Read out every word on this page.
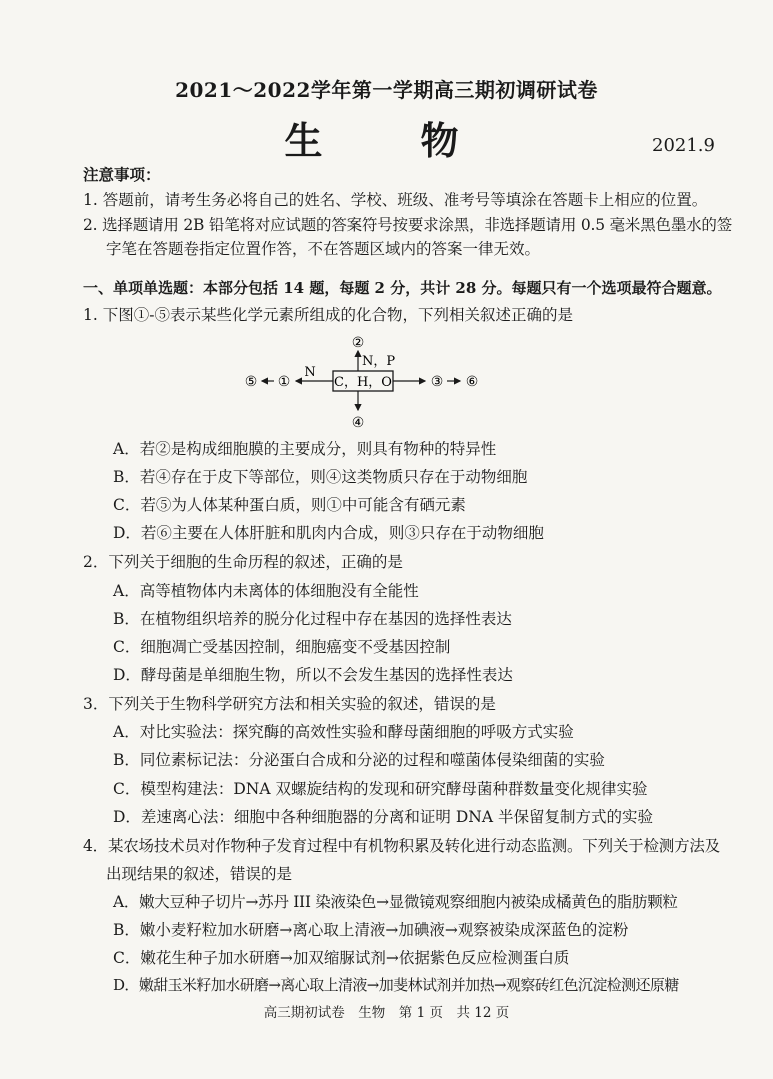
2021～2022学年第一学期高三期初调研试卷
生　物	2021.9
注意事项：
1. 答题前，请考生务必将自己的姓名、学校、班级、准考号等填涂在答题卡上相应的位置。
2. 选择题请用 2B 铅笔将对应试题的答案符号按要求涂黑，非选择题请用 0.5 毫米黑色墨水的签
字笔在答题卷指定位置作答，不在答题区域内的答案一律无效。
一、单项单选题：本部分包括 14 题，每题 2 分，共计 28 分。每题只有一个选项最符合题意。
1. 下图①-⑤表示某些化学元素所组成的化合物，下列相关叙述正确的是
C，H，O
②
N，P
④
N
①
⑤	③ ⑥
A．若②是构成细胞膜的主要成分，则具有物种的特异性
B．若④存在于皮下等部位，则④这类物质只存在于动物细胞
C．若⑤为人体某种蛋白质，则①中可能含有硒元素
D．若⑥主要在人体肝脏和肌肉内合成，则③只存在于动物细胞
2．下列关于细胞的生命历程的叙述，正确的是
A．高等植物体内未离体的体细胞没有全能性
B．在植物组织培养的脱分化过程中存在基因的选择性表达
C．细胞凋亡受基因控制，细胞癌变不受基因控制
D．酵母菌是单细胞生物，所以不会发生基因的选择性表达
3．下列关于生物科学研究方法和相关实验的叙述，错误的是
A．对比实验法：探究酶的高效性实验和酵母菌细胞的呼吸方式实验
B．同位素标记法：分泌蛋白合成和分泌的过程和噬菌体侵染细菌的实验
C．模型构建法：DNA 双螺旋结构的发现和研究酵母菌种群数量变化规律实验
D．差速离心法：细胞中各种细胞器的分离和证明 DNA 半保留复制方式的实验
4．某农场技术员对作物种子发育过程中有机物积累及转化进行动态监测。下列关于检测方法及
出现结果的叙述，错误的是
A．嫩大豆种子切片→苏丹 III 染液染色→显微镜观察细胞内被染成橘黄色的脂肪颗粒
B．嫩小麦籽粒加水研磨→离心取上清液→加碘液→观察被染成深蓝色的淀粉
C．嫩花生种子加水研磨→加双缩脲试剂→依据紫色反应检测蛋白质
D．嫩甜玉米籽加水研磨→离心取上清液→加斐林试剂并加热→观察砖红色沉淀检测还原糖
高三期初试卷　生物　第 1 页　共 12 页
